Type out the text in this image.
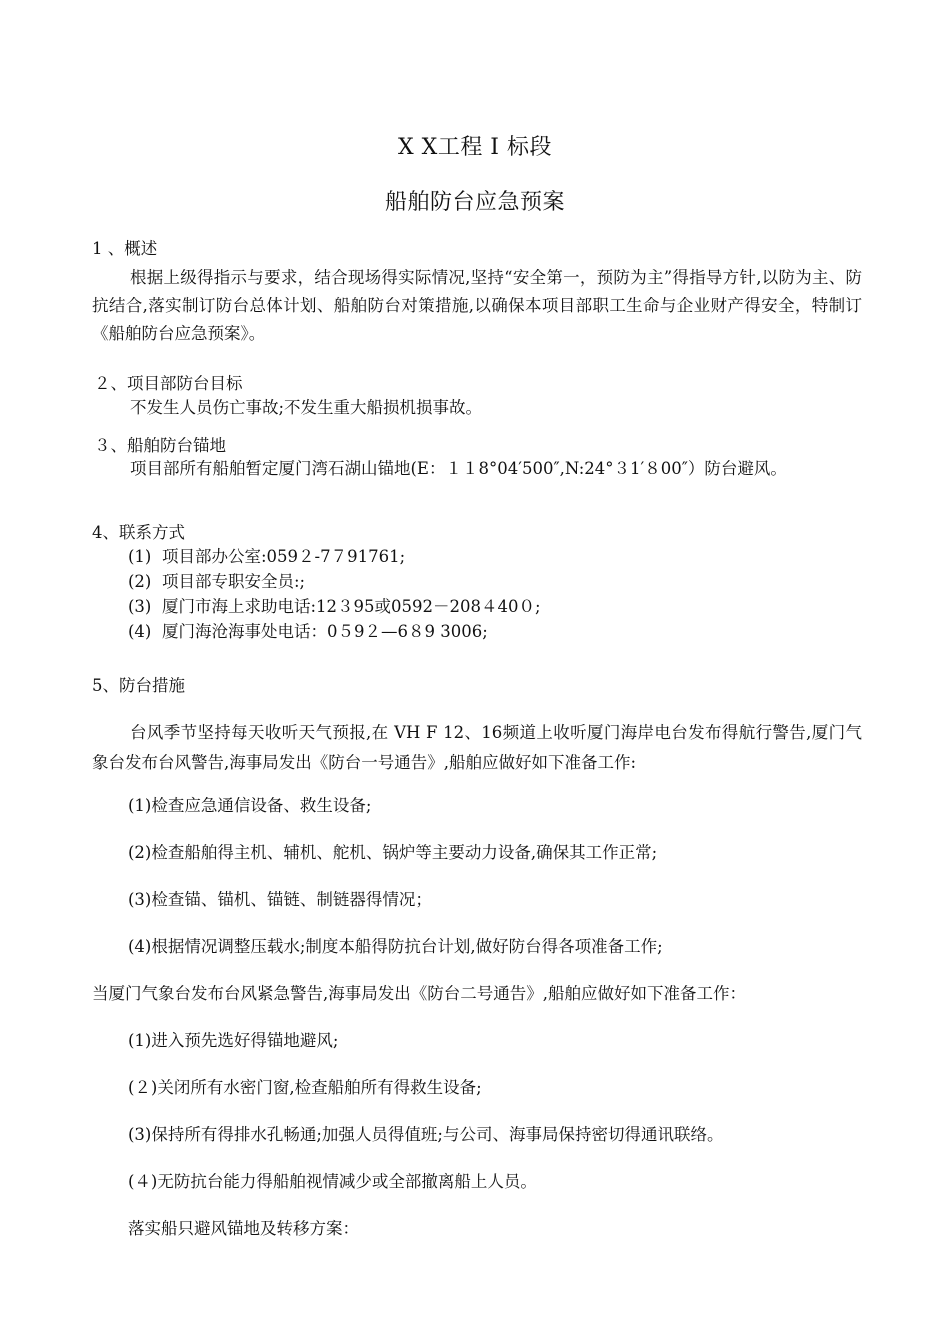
X X工程 I 标段
船舶防台应急预案
1 、概述
根据上级得指示与要求，结合现场得实际情况,坚持“安全第一，预防为主”得指导方针,以防为主、防抗结合,落实制订防台总体计划、船舶防台对策措施,以确保本项目部职工生命与企业财产得安全，特制订《船舶防台应急预案》。
２、项目部防台目标
不发生人员伤亡事故;不发生重大船损机损事故。
３、船舶防台锚地
项目部所有船舶暂定厦门湾石湖山锚地(E：１１8°04′500″,N:24°３1′８00″）防台避风。
4、联系方式
(1) 项目部办公室:059２-7７91761;
(2) 项目部专职安全员:;
(3) 厦门市海上求助电话:12３95或0592－208４40０;
(4) 厦门海沧海事处电话：0５9２—6８9 3006;
5、防台措施
台风季节坚持每天收听天气预报,在 VH F 12、16频道上收听厦门海岸电台发布得航行警告,厦门气象台发布台风警告,海事局发出《防台一号通告》,船舶应做好如下准备工作:
(1)检查应急通信设备、救生设备;
(2)检查船舶得主机、辅机、舵机、锅炉等主要动力设备,确保其工作正常;
(3)检查锚、锚机、锚链、制链器得情况；
(4)根据情况调整压载水;制度本船得防抗台计划,做好防台得各项准备工作;
当厦门气象台发布台风紧急警告,海事局发出《防台二号通告》,船舶应做好如下准备工作：
(1)进入预先选好得锚地避风;
(２)关闭所有水密门窗,检查船舶所有得救生设备;
(3)保持所有得排水孔畅通;加强人员得值班;与公司、海事局保持密切得通讯联络。
(４)无防抗台能力得船舶视情减少或全部撤离船上人员。
落实船只避风锚地及转移方案：
